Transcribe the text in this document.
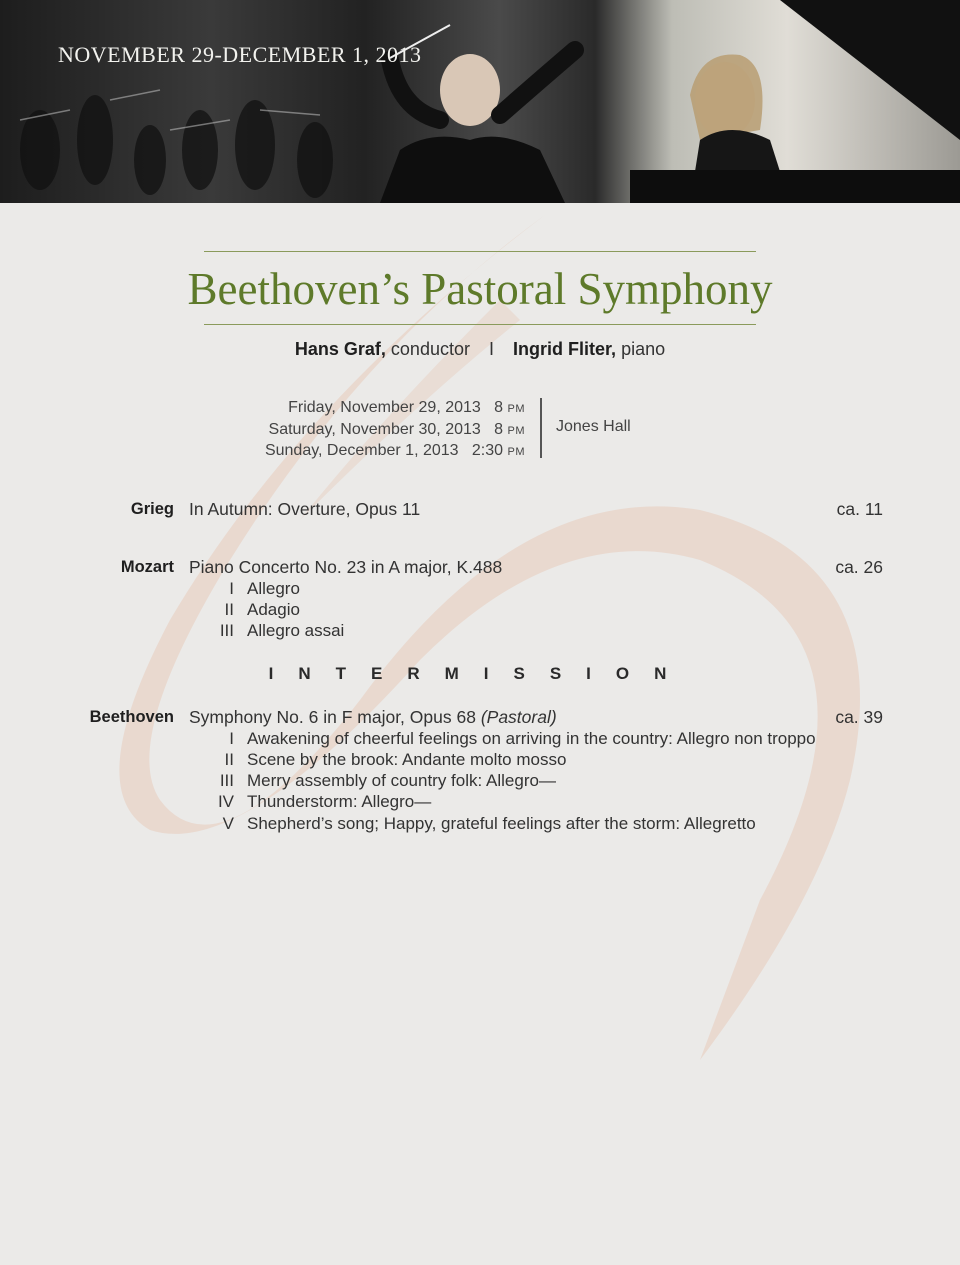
NOVEMBER 29-DECEMBER 1, 2013
Beethoven’s Pastoral Symphony
Hans Graf, conductor I Ingrid Fliter, piano
Friday, November 29, 2013 8 PM
Saturday, November 30, 2013 8 PM
Sunday, December 1, 2013 2:30 PM
Jones Hall
Grieg In Autumn: Overture, Opus 11	ca. 11
Mozart Piano Concerto No. 23 in A major, K.488	ca. 26
I Allegro
II Adagio
III Allegro assai
INTERMISSION
Beethoven Symphony No. 6 in F major, Opus 68 (Pastoral)	ca. 39
I Awakening of cheerful feelings on arriving in the country: Allegro non troppo
II Scene by the brook: Andante molto mosso
III Merry assembly of country folk: Allegro—
IV Thunderstorm: Allegro—
V Shepherd’s song; Happy, grateful feelings after the storm: Allegretto
